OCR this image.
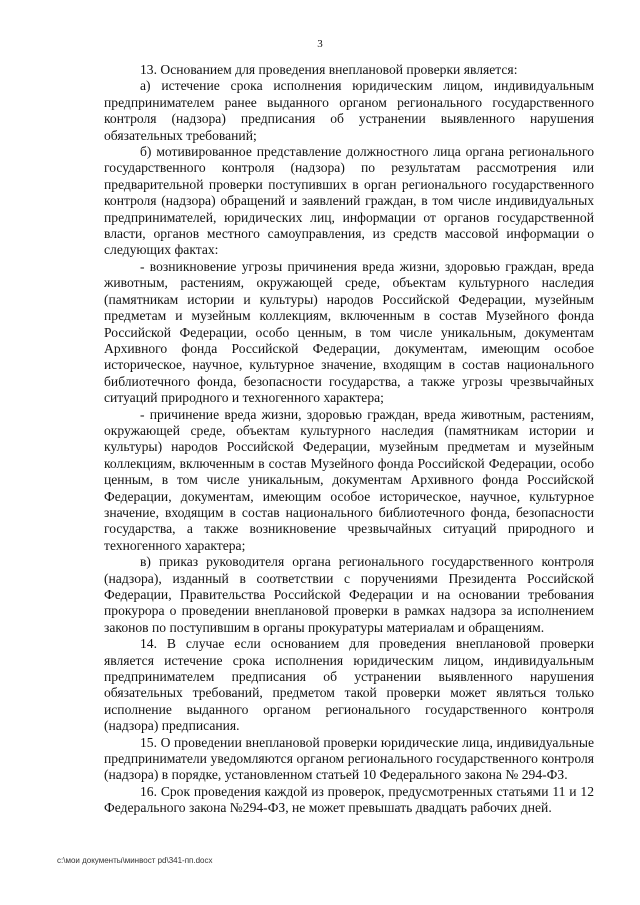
3

13. Основанием для проведения внеплановой проверки является:

а) истечение срока исполнения юридическим лицом, индивидуальным предпринимателем ранее выданного органом регионального государственного контроля (надзора) предписания об устранении выявленного нарушения обязательных требований;

б) мотивированное представление должностного лица органа регионального государственного контроля (надзора) по результатам рассмотрения или предварительной проверки поступивших в орган регионального государственного контроля (надзора) обращений и заявлений граждан, в том числе индивидуальных предпринимателей, юридических лиц, информации от органов государственной власти, органов местного самоуправления, из средств массовой информации о следующих фактах:

- возникновение угрозы причинения вреда жизни, здоровью граждан, вреда животным, растениям, окружающей среде, объектам культурного наследия (памятникам истории и культуры) народов Российской Федерации, музейным предметам и музейным коллекциям, включенным в состав Музейного фонда Российской Федерации, особо ценным, в том числе уникальным, документам Архивного фонда Российской Федерации, документам, имеющим особое историческое, научное, культурное значение, входящим в состав национального библиотечного фонда, безопасности государства, а также угрозы чрезвычайных ситуаций природного и техногенного характера;

- причинение вреда жизни, здоровью граждан, вреда животным, растениям, окружающей среде, объектам культурного наследия (памятникам истории и культуры) народов Российской Федерации, музейным предметам и музейным коллекциям, включенным в состав Музейного фонда Российской Федерации, особо ценным, в том числе уникальным, документам Архивного фонда Российской Федерации, документам, имеющим особое историческое, научное, культурное значение, входящим в состав национального библиотечного фонда, безопасности государства, а также возникновение чрезвычайных ситуаций природного и техногенного характера;

в) приказ руководителя органа регионального государственного контроля (надзора), изданный в соответствии с поручениями Президента Российской Федерации, Правительства Российской Федерации и на основании требования прокурора о проведении внеплановой проверки в рамках надзора за исполнением законов по поступившим в органы прокуратуры материалам и обращениям.

14. В случае если основанием для проведения внеплановой проверки является истечение срока исполнения юридическим лицом, индивидуальным предпринимателем предписания об устранении выявленного нарушения обязательных требований, предметом такой проверки может являться только исполнение выданного органом регионального государственного контроля (надзора) предписания.

15. О проведении внеплановой проверки юридические лица, индивидуальные предприниматели уведомляются органом регионального государственного контроля (надзора) в порядке, установленном статьей 10 Федерального закона № 294-ФЗ.

16. Срок проведения каждой из проверок, предусмотренных статьями 11 и 12 Федерального закона №294-ФЗ, не может превышать двадцать рабочих дней.

c:\мои документы\минвост pd\341-пп.docx
